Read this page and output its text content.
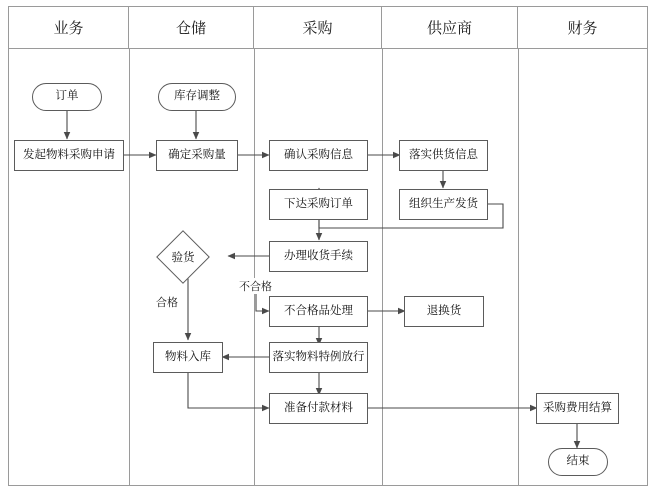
业务	仓储	采购	供应商	财务
订单	库存调整
发起物料采购申请	确定采购量	确认采购信息	落实供货信息
下达采购订单	组织生产发货
办理收货手续
验货
不合格品处理	退换货
物料入库	落实物料特例放行
准备付款材料	采购费用结算
结束
不合格
合格
